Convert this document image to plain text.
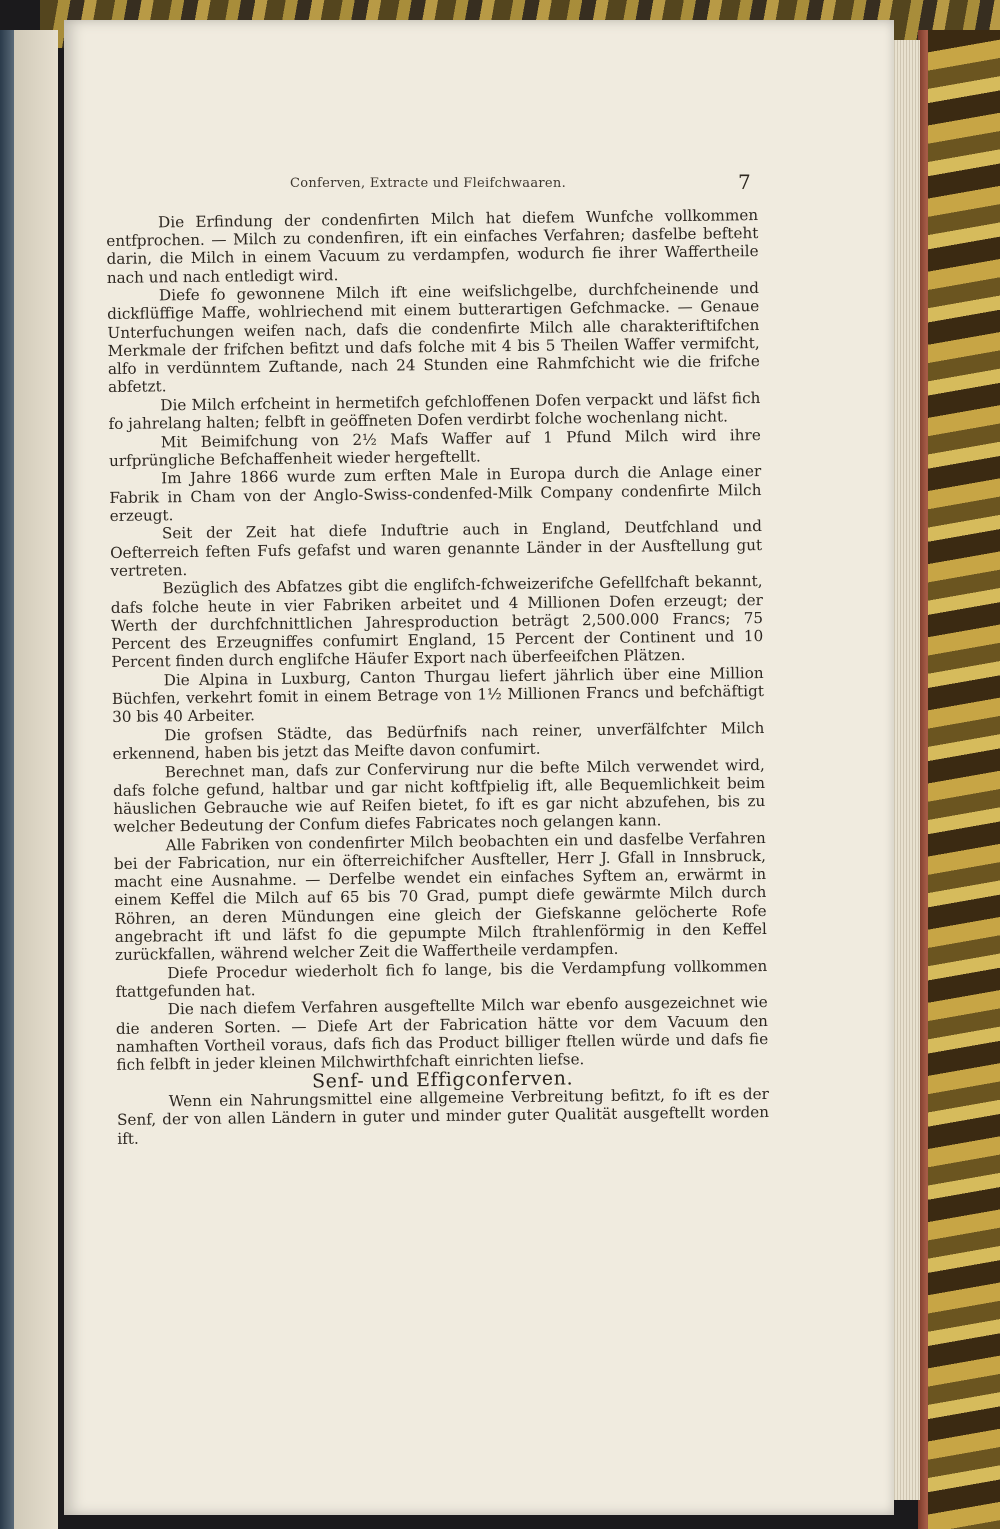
Conferven, Extracte und Fleifchwaaren.	7

Die Erfindung der condenfirten Milch hat diefem Wunfche vollkommen entfprochen. — Milch zu condenfiren, ift ein einfaches Verfahren; dasfelbe befteht darin, die Milch in einem Vacuum zu verdampfen, wodurch fie ihrer Waffertheile nach und nach entledigt wird.

Diefe fo gewonnene Milch ift eine weifslichgelbe, durchfcheinende und dickflüffige Maffe, wohlriechend mit einem butterartigen Gefchmacke. — Genaue Unterfuchungen weifen nach, dafs die condenfirte Milch alle charakteriftifchen Merkmale der frifchen befitzt und dafs folche mit 4 bis 5 Theilen Waffer vermifcht, alfo in verdünntem Zuftande, nach 24 Stunden eine Rahmfchicht wie die frifche abfetzt.

Die Milch erfcheint in hermetifch gefchloffenen Dofen verpackt und läfst fich fo jahrelang halten; felbft in geöffneten Dofen verdirbt folche wochenlang nicht.

Mit Beimifchung von 2½ Mafs Waffer auf 1 Pfund Milch wird ihre urfprüngliche Befchaffenheit wieder hergeftellt.

Im Jahre 1866 wurde zum erften Male in Europa durch die Anlage einer Fabrik in Cham von der Anglo-Swiss-condenfed-Milk Company condenfirte Milch erzeugt.

Seit der Zeit hat diefe Induftrie auch in England, Deutfchland und Oefterreich feften Fufs gefafst und waren genannte Länder in der Ausftellung gut vertreten.

Bezüglich des Abfatzes gibt die englifch-fchweizerifche Gefellfchaft bekannt, dafs folche heute in vier Fabriken arbeitet und 4 Millionen Dofen erzeugt; der Werth der durchfchnittlichen Jahresproduction beträgt 2,500.000 Francs; 75 Percent des Erzeugniffes confumirt England, 15 Percent der Continent und 10 Percent finden durch englifche Häufer Export nach überfeeifchen Plätzen.

Die Alpina in Luxburg, Canton Thurgau liefert jährlich über eine Million Büchfen, verkehrt fomit in einem Betrage von 1½ Millionen Francs und befchäftigt 30 bis 40 Arbeiter.

Die grofsen Städte, das Bedürfnifs nach reiner, unverfälfchter Milch erkennend, haben bis jetzt das Meifte davon confumirt.

Berechnet man, dafs zur Confervirung nur die befte Milch verwendet wird, dafs folche gefund, haltbar und gar nicht koftfpielig ift, alle Bequemlichkeit beim häuslichen Gebrauche wie auf Reifen bietet, fo ift es gar nicht abzufehen, bis zu welcher Bedeutung der Confum diefes Fabricates noch gelangen kann.

Alle Fabriken von condenfirter Milch beobachten ein und dasfelbe Verfahren bei der Fabrication, nur ein öfterreichifcher Ausfteller, Herr J. Gfall in Innsbruck, macht eine Ausnahme. — Derfelbe wendet ein einfaches Syftem an, erwärmt in einem Keffel die Milch auf 65 bis 70 Grad, pumpt diefe gewärmte Milch durch Röhren, an deren Mündungen eine gleich der Giefskanne gelöcherte Rofe angebracht ift und läfst fo die gepumpte Milch ftrahlenförmig in den Keffel zurückfallen, während welcher Zeit die Waffertheile verdampfen.

Diefe Procedur wiederholt fich fo lange, bis die Verdampfung vollkommen ftattgefunden hat.

Die nach diefem Verfahren ausgeftellte Milch war ebenfo ausgezeichnet wie die anderen Sorten. — Diefe Art der Fabrication hätte vor dem Vacuum den namhaften Vortheil voraus, dafs fich das Product billiger ftellen würde und dafs fie fich felbft in jeder kleinen Milchwirthfchaft einrichten liefse.

Senf- und Effigconferven.

Wenn ein Nahrungsmittel eine allgemeine Verbreitung befitzt, fo ift es der Senf, der von allen Ländern in guter und minder guter Qualität ausgeftellt worden ift.
